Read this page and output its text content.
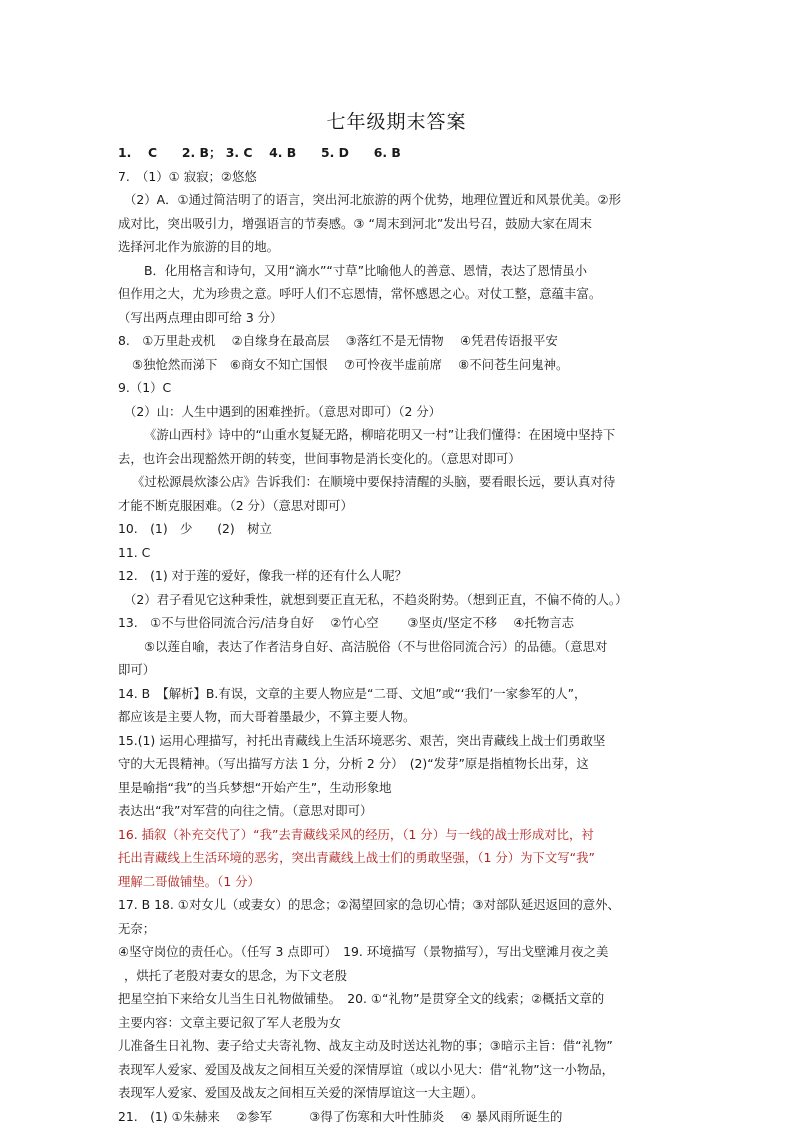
七年级期末答案
1.　 C　　2. B； 3. C　 4. B　　5. D　　6. B
7.　（1）① 寂寂；②悠悠
（2）A．①通过简洁明了的语言，突出河北旅游的两个优势，地理位置近和风景优美。②形
成对比，突出吸引力，增强语言的节奏感。③ “周末到河北”发出号召，鼓励大家在周末
选择河北作为旅游的目的地。
B．化用格言和诗句，又用“滴水”“寸草”比喻他人的善意、恩情，表达了恩情虽小
但作用之大，尤为珍贵之意。呼吁人们不忘恩情，常怀感恩之心。对仗工整，意蕴丰富。
（写出两点理由即可给 3 分）
8.　①万里赴戎机　 ②自缘身在最高层　 ③落红不是无情物　 ④凭君传语报平安
⑤独怆然而涕下　⑥商女不知亡国恨　 ⑦可怜夜半虚前席　 ⑧不问苍生问鬼神。
9.（1）C
（2）山：人生中遇到的困难挫折。（意思对即可）（2 分）
《游山西村》诗中的“山重水复疑无路，柳暗花明又一村”让我们懂得：在困境中坚持下
去，也许会出现豁然开朗的转变，世间事物是消长变化的。（意思对即可）
《过松源晨炊漆公店》告诉我们：在顺境中要保持清醒的头脑，要看眼长远，要认真对待
才能不断克服困难。（2 分）（意思对即可）
10.　(1)　少　　(2)　树立
11. C
12.　(1) 对于莲的爱好，像我一样的还有什么人呢？
（2）君子看见它这种秉性，就想到要正直无私，不趋炎附势。（想到正直，不偏不倚的人。）
13.　①不与世俗同流合污/洁身自好　 ②竹心空　　 ③坚贞/坚定不移　 ④托物言志
⑤以莲自喻，表达了作者洁身自好、高洁脱俗（不与世俗同流合污）的品德。（意思对
即可）
14. B　【解析】B.有误，文章的主要人物应是“二哥、文旭”或“‘我们’一家参军的人”，
都应该是主要人物，而大哥着墨最少，不算主要人物。
15.(1) 运用心理描写，衬托出青藏线上生活环境恶劣、艰苦，突出青藏线上战士们勇敢坚
守的大无畏精神。（写出描写方法 1 分，分析 2 分）　(2)“发芽”原是指植物长出芽，这
里是喻指“我”的当兵梦想“开始产生”，生动形象地
表达出“我”对军营的向往之情。（意思对即可）
16. 插叙（补充交代了）“我”去青藏线采风的经历，（1 分）与一线的战士形成对比，衬
托出青藏线上生活环境的恶劣，突出青藏线上战士们的勇敢坚强，（1 分）为下文写“我”
理解二哥做铺垫。（1 分）
17. B 18. ①对女儿（或妻女）的思念；②渴望回家的急切心情；③对部队延迟返回的意外、
无奈；
④坚守岗位的责任心。（任写 3 点即可）　19. 环境描写（景物描写），写出戈壁滩月夜之美
，烘托了老殷对妻女的思念，为下文老殷
把星空拍下来给女儿当生日礼物做铺垫。　20. ①“礼物”是贯穿全文的线索；②概括文章的
主要内容：文章主要记叙了军人老殷为女
儿准备生日礼物、妻子给丈夫寄礼物、战友主动及时送达礼物的事；③暗示主旨：借“礼物”
表现军人爱家、爱国及战友之间相互关爱的深情厚谊（或以小见大：借“礼物”这一小物品，
表现军人爱家、爱国及战友之间相互关爱的深情厚谊这一大主题）。
21.　(1) ①朱赫来　 ②参军　　　③得了伤寒和大叶性肺炎　 ④ 暴风雨所诞生的
